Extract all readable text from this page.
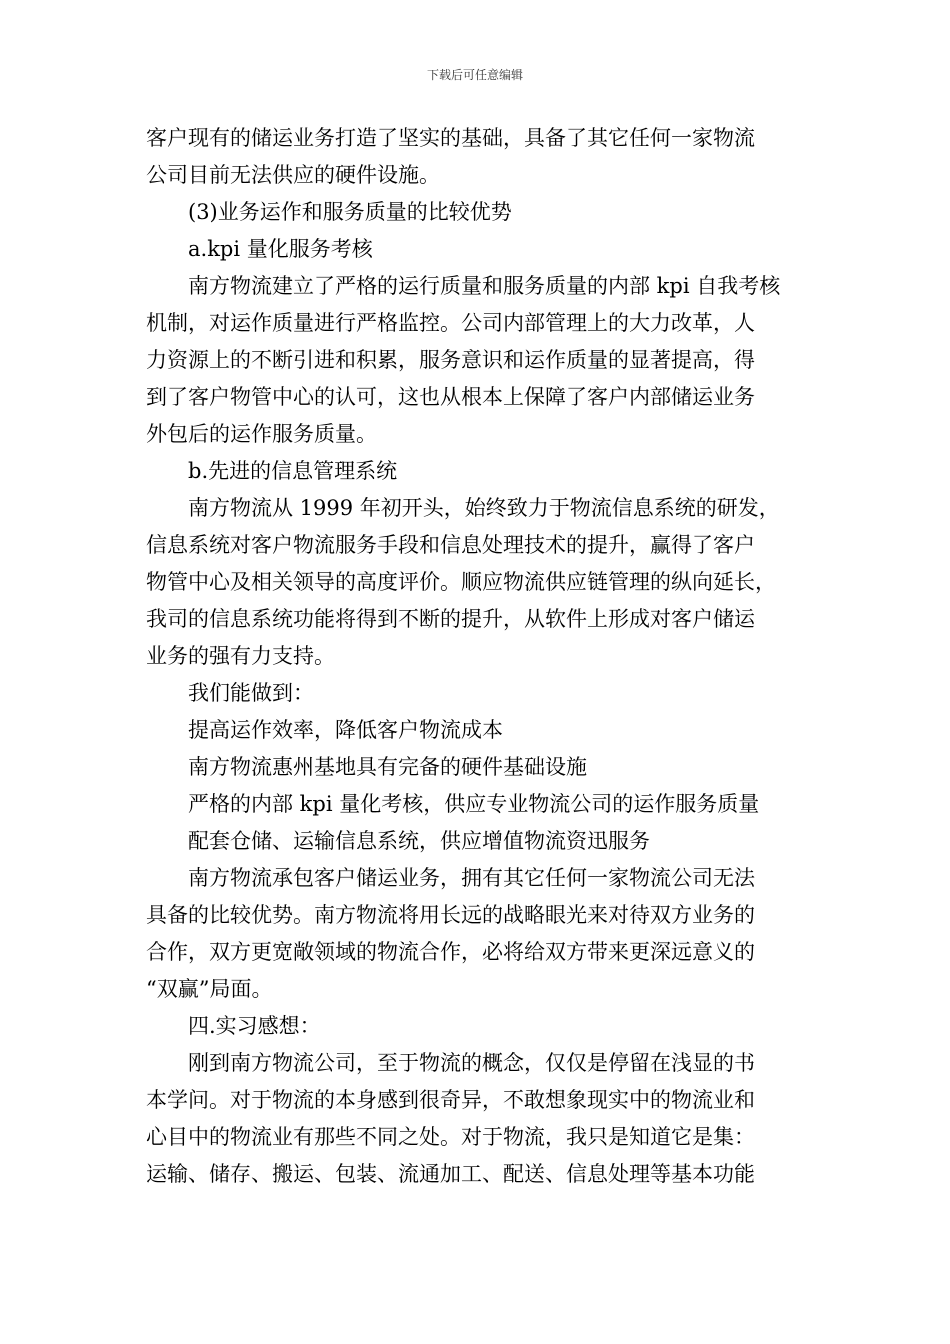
下载后可任意编辑
客户现有的储运业务打造了坚实的基础，具备了其它任何一家物流
公司目前无法供应的硬件设施。
(3)业务运作和服务质量的比较优势
a.kpi 量化服务考核
南方物流建立了严格的运行质量和服务质量的内部 kpi 自我考核
机制，对运作质量进行严格监控。公司内部管理上的大力改革，人
力资源上的不断引进和积累，服务意识和运作质量的显著提高，得
到了客户物管中心的认可，这也从根本上保障了客户内部储运业务
外包后的运作服务质量。
b.先进的信息管理系统
南方物流从 1999 年初开头，始终致力于物流信息系统的研发，
信息系统对客户物流服务手段和信息处理技术的提升，赢得了客户
物管中心及相关领导的高度评价。顺应物流供应链管理的纵向延长，
我司的信息系统功能将得到不断的提升，从软件上形成对客户储运
业务的强有力支持。
我们能做到：
提高运作效率，降低客户物流成本
南方物流惠州基地具有完备的硬件基础设施
严格的内部 kpi 量化考核，供应专业物流公司的运作服务质量
配套仓储、运输信息系统，供应增值物流资迅服务
南方物流承包客户储运业务，拥有其它任何一家物流公司无法
具备的比较优势。南方物流将用长远的战略眼光来对待双方业务的
合作，双方更宽敞领域的物流合作，必将给双方带来更深远意义的
“双赢”局面。
四.实习感想：
刚到南方物流公司，至于物流的概念，仅仅是停留在浅显的书
本学问。对于物流的本身感到很奇异，不敢想象现实中的物流业和
心目中的物流业有那些不同之处。对于物流，我只是知道它是集：
运输、储存、搬运、包装、流通加工、配送、信息处理等基本功能
